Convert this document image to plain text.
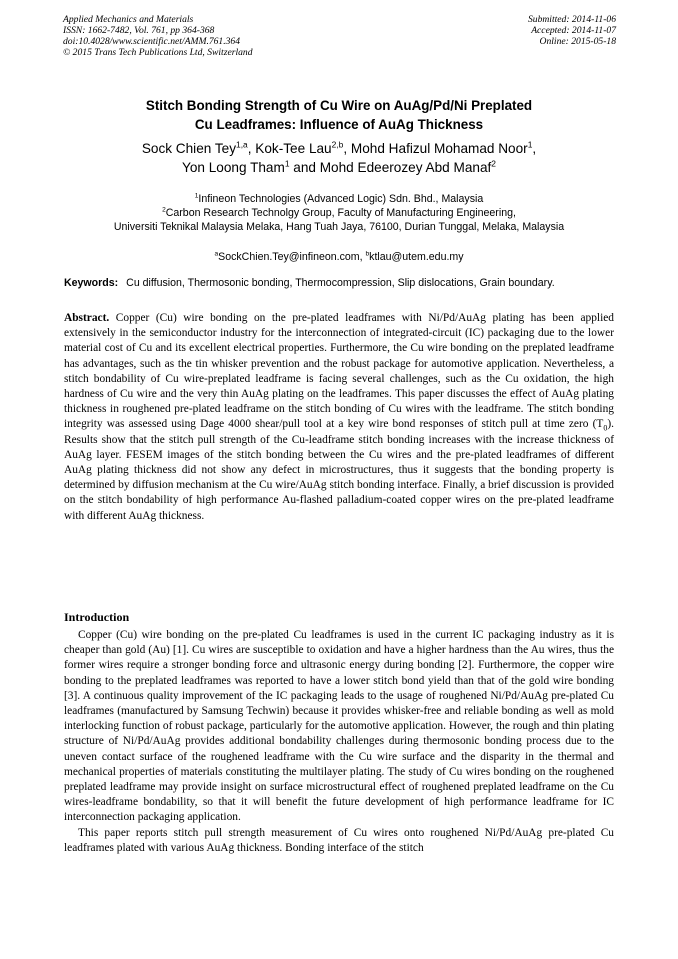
Applied Mechanics and Materials
ISSN: 1662-7482, Vol. 761, pp 364-368
doi:10.4028/www.scientific.net/AMM.761.364
© 2015 Trans Tech Publications Ltd, Switzerland
Submitted: 2014-11-06
Accepted: 2014-11-07
Online: 2015-05-18
Stitch Bonding Strength of Cu Wire on AuAg/Pd/Ni Preplated
Cu Leadframes: Influence of AuAg Thickness
Sock Chien Tey$^{1,a}$, Kok-Tee Lau$^{2,b}$, Mohd Hafizul Mohamad Noor$^1$,
Yon Loong Tham$^1$ and Mohd Edeerozey Abd Manaf$^2$
$^1$Infineon Technologies (Advanced Logic) Sdn. Bhd., Malaysia
$^2$Carbon Research Technolgy Group, Faculty of Manufacturing Engineering,
Universiti Teknikal Malaysia Melaka, Hang Tuah Jaya, 76100, Durian Tunggal, Melaka, Malaysia
$^a$SockChien.Tey@infineon.com, $^b$ktlau@utem.edu.my
Keywords: Cu diffusion, Thermosonic bonding, Thermocompression, Slip dislocations, Grain boundary.
Abstract. Copper (Cu) wire bonding on the pre-plated leadframes with Ni/Pd/AuAg plating has been applied extensively in the semiconductor industry for the interconnection of integrated-circuit (IC) packaging due to the lower material cost of Cu and its excellent electrical properties. Furthermore, the Cu wire bonding on the preplated leadframe has advantages, such as the tin whisker prevention and the robust package for automotive application. Nevertheless, a stitch bondability of Cu wire-preplated leadframe is facing several challenges, such as the Cu oxidation, the high hardness of Cu wire and the very thin AuAg plating on the leadframes. This paper discusses the effect of AuAg plating thickness in roughened pre-plated leadframe on the stitch bonding of Cu wires with the leadframe. The stitch bonding integrity was assessed using Dage 4000 shear/pull tool at a key wire bond responses of stitch pull at time zero $(T_0)$. Results show that the stitch pull strength of the Cu-leadframe stitch bonding increases with the increase thickness of AuAg layer. FESEM images of the stitch bonding between the Cu wires and the pre-plated leadframes of different AuAg plating thickness did not show any defect in microstructures, thus it suggests that the bonding property is determined by diffusion mechanism at the Cu wire/AuAg stitch bonding interface. Finally, a brief discussion is provided on the stitch bondability of high performance Au-flashed palladium-coated copper wires on the pre-plated leadframe with different AuAg thickness.
Introduction

Copper (Cu) wire bonding on the pre-plated Cu leadframes is used in the current IC packaging industry as it is cheaper than gold (Au) [1]. Cu wires are susceptible to oxidation and have a higher hardness than the Au wires, thus the former wires require a stronger bonding force and ultrasonic energy during bonding [2]. Furthermore, the copper wire bonding to the preplated leadframes was reported to have a lower stitch bond yield than that of the gold wire bonding [3]. A continuous quality improvement of the IC packaging leads to the usage of roughened Ni/Pd/AuAg pre-plated Cu leadframes (manufactured by Samsung Techwin) because it provides whisker-free and reliable bonding as well as mold interlocking function of robust package, particularly for the automotive application. However, the rough and thin plating structure of Ni/Pd/AuAg provides additional bondability challenges during thermosonic bonding process due to the uneven contact surface of the roughened leadframe with the Cu wire surface and the disparity in the thermal and mechanical properties of materials constituting the multilayer plating. The study of Cu wires bonding on the roughened preplated leadframe may provide insight on surface microstructural effect of roughened preplated leadframe on the Cu wires-leadframe bondability, so that it will benefit the future development of high performance leadframe for IC interconnection packaging application.

This paper reports stitch pull strength measurement of Cu wires onto roughened Ni/Pd/AuAg pre-plated Cu leadframes plated with various AuAg thickness. Bonding interface of the stitch
